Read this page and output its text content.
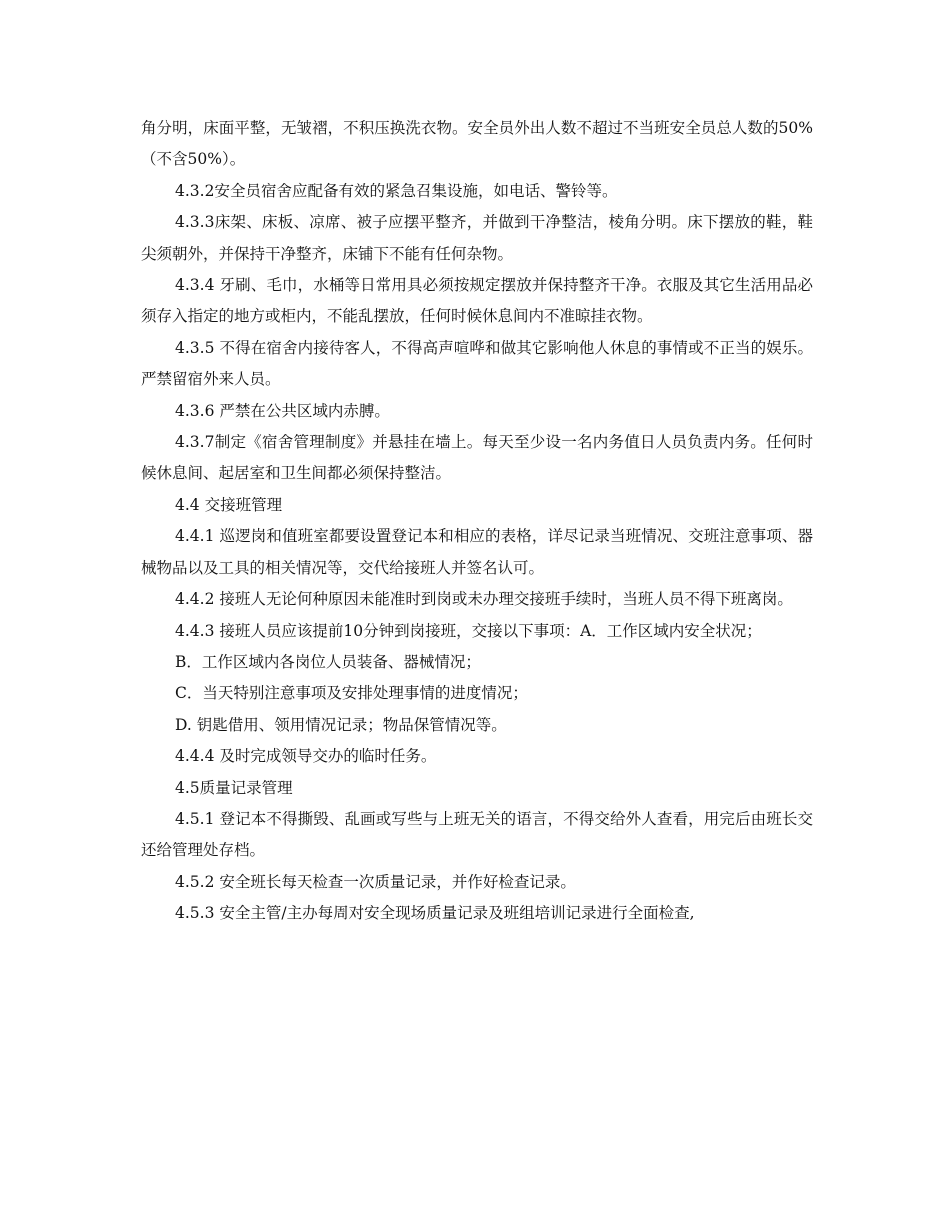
角分明，床面平整，无皱褶，不积压换洗衣物。安全员外出人数不超过不当班安全员总人数的50%（不含50%）。

4.3.2安全员宿舍应配备有效的紧急召集设施，如电话、警铃等。

4.3.3床架、床板、凉席、被子应摆平整齐，并做到干净整洁，棱角分明。床下摆放的鞋，鞋尖须朝外，并保持干净整齐，床铺下不能有任何杂物。

4.3.4 牙刷、毛巾，水桶等日常用具必须按规定摆放并保持整齐干净。衣服及其它生活用品必须存入指定的地方或柜内，不能乱摆放，任何时候休息间内不准晾挂衣物。

4.3.5 不得在宿舍内接待客人，不得高声喧哗和做其它影响他人休息的事情或不正当的娱乐。严禁留宿外来人员。

4.3.6 严禁在公共区域内赤膊。

4.3.7制定《宿舍管理制度》并悬挂在墙上。每天至少设一名内务值日人员负责内务。任何时候休息间、起居室和卫生间都必须保持整洁。

4.4 交接班管理

4.4.1 巡逻岗和值班室都要设置登记本和相应的表格，详尽记录当班情况、交班注意事项、器械物品以及工具的相关情况等，交代给接班人并签名认可。

4.4.2 接班人无论何种原因未能准时到岗或未办理交接班手续时，当班人员不得下班离岗。

4.4.3 接班人员应该提前10分钟到岗接班，交接以下事项：A．工作区域内安全状况；

B．工作区域内各岗位人员装备、器械情况；

C．当天特别注意事项及安排处理事情的进度情况；

D. 钥匙借用、领用情况记录；物品保管情况等。

4.4.4 及时完成领导交办的临时任务。

4.5质量记录管理

4.5.1 登记本不得撕毁、乱画或写些与上班无关的语言，不得交给外人查看，用完后由班长交还给管理处存档。

4.5.2 安全班长每天检查一次质量记录，并作好检查记录。

4.5.3 安全主管/主办每周对安全现场质量记录及班组培训记录进行全面检查,
